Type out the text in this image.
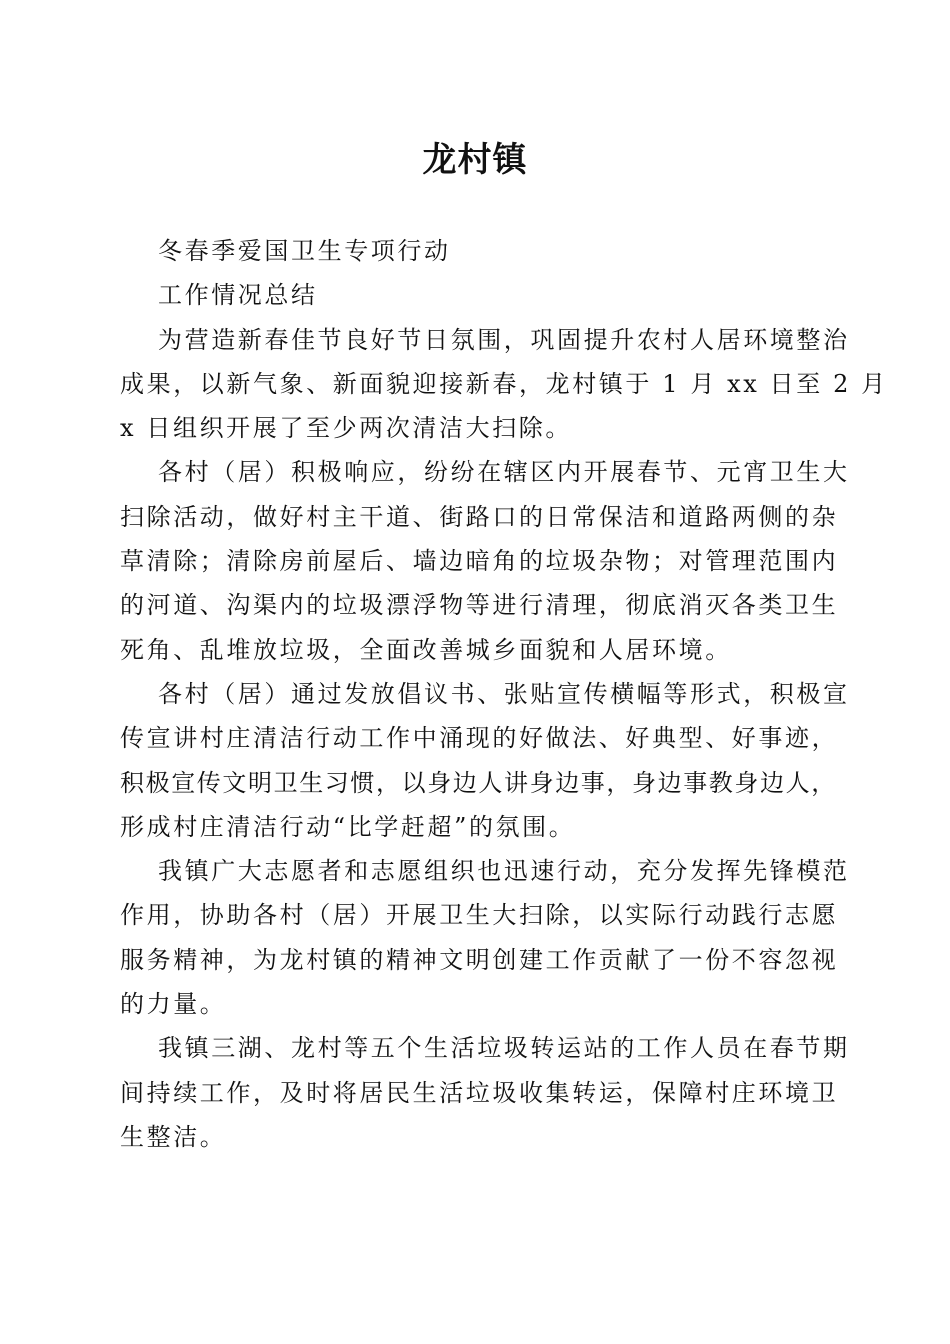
龙村镇

冬春季爱国卫生专项行动

工作情况总结

为营造新春佳节良好节日氛围，巩固提升农村人居环境整治
成果，以新气象、新面貌迎接新春，龙村镇于 1 月 xx 日至 2 月
x 日组织开展了至少两次清洁大扫除。

各村（居）积极响应，纷纷在辖区内开展春节、元宵卫生大
扫除活动，做好村主干道、街路口的日常保洁和道路两侧的杂
草清除；清除房前屋后、墙边暗角的垃圾杂物；对管理范围内
的河道、沟渠内的垃圾漂浮物等进行清理，彻底消灭各类卫生
死角、乱堆放垃圾，全面改善城乡面貌和人居环境。

各村（居）通过发放倡议书、张贴宣传横幅等形式，积极宣
传宣讲村庄清洁行动工作中涌现的好做法、好典型、好事迹，
积极宣传文明卫生习惯，以身边人讲身边事，身边事教身边人，
形成村庄清洁行动“比学赶超”的氛围。

我镇广大志愿者和志愿组织也迅速行动，充分发挥先锋模范
作用，协助各村（居）开展卫生大扫除，以实际行动践行志愿
服务精神，为龙村镇的精神文明创建工作贡献了一份不容忽视
的力量。

我镇三湖、龙村等五个生活垃圾转运站的工作人员在春节期
间持续工作，及时将居民生活垃圾收集转运，保障村庄环境卫
生整洁。
